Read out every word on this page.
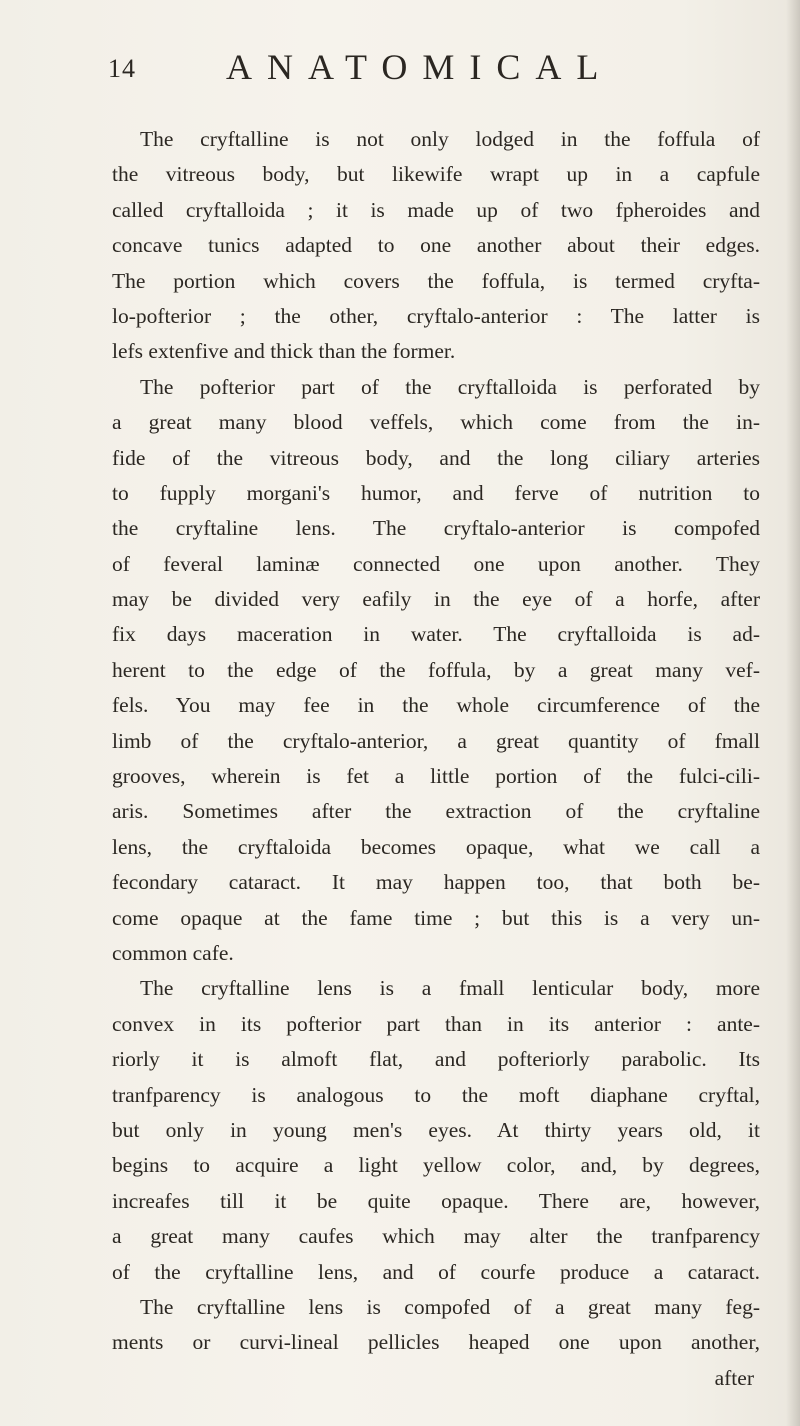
14	ANATOMICAL
The cryftalline is not only lodged in the foffula of
the vitreous body, but likewife wrapt up in a capfule
called cryftalloida ; it is made up of two fpheroides and
concave tunics adapted to one another about their edges.
The portion which covers the foffula, is termed cryfta-
lo-pofterior ; the other, cryftalo-anterior : The latter is
lefs extenfive and thick than the former.
The pofterior part of the cryftalloida is perforated by
a great many blood veffels, which come from the in-
fide of the vitreous body, and the long ciliary arteries
to fupply morgani's humor, and ferve of nutrition to
the cryftaline lens. The cryftalo-anterior is compofed
of feveral laminæ connected one upon another. They
may be divided very eafily in the eye of a horfe, after
fix days maceration in water. The cryftalloida is ad-
herent to the edge of the foffula, by a great many vef-
fels. You may fee in the whole circumference of the
limb of the cryftalo-anterior, a great quantity of fmall
grooves, wherein is fet a little portion of the fulci-cili-
aris. Sometimes after the extraction of the cryftaline
lens, the cryftaloida becomes opaque, what we call a
fecondary cataract. It may happen too, that both be-
come opaque at the fame time ; but this is a very un-
common cafe.
The cryftalline lens is a fmall lenticular body, more
convex in its pofterior part than in its anterior : ante-
riorly it is almoft flat, and pofteriorly parabolic. Its
tranfparency is analogous to the moft diaphane cryftal,
but only in young men's eyes. At thirty years old, it
begins to acquire a light yellow color, and, by degrees,
increafes till it be quite opaque. There are, however,
a great many caufes which may alter the tranfparency
of the cryftalline lens, and of courfe produce a cataract.
The cryftalline lens is compofed of a great many feg-
ments or curvi-lineal pellicles heaped one upon another,
after
